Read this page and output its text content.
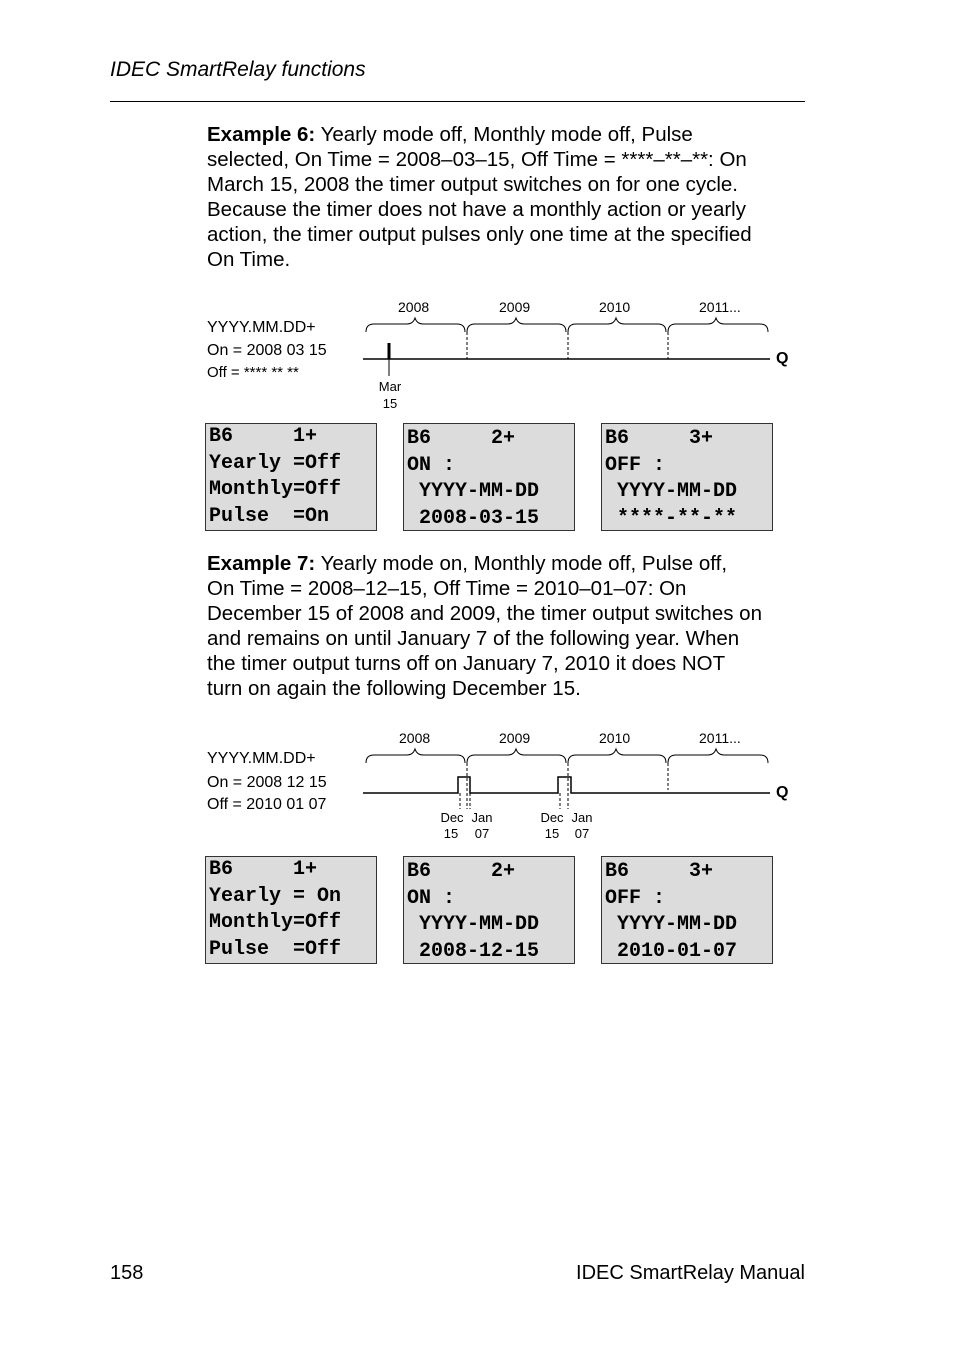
IDEC SmartRelay functions
Example 6: Yearly mode off, Monthly mode off, Pulse
selected, On Time = 2008–03–15, Off Time = ****–**–**: On
March 15, 2008 the timer output switches on for one cycle.
Because the timer does not have a monthly action or yearly
action, the timer output pulses only one time at the specified
On Time.
YYYY.MM.DD+
On = 2008 03 15
Off = **** ** **
2008	2009	2010	2011...
Q
Mar
15
B6     1+
Yearly =Off
Monthly=Off
Pulse  =On
B6     2+
ON :
YYYY-MM-DD
2008-03-15
B6     3+
OFF :
YYYY-MM-DD
****-**-**
Example 7: Yearly mode on, Monthly mode off, Pulse off,
On Time = 2008–12–15, Off Time = 2010–01–07: On
December 15 of 2008 and 2009, the timer output switches on
and remains on until January 7 of the following year. When
the timer output turns off on January 7, 2010 it does NOT
turn on again the following December 15.
YYYY.MM.DD+
On = 2008 12 15
Off = 2010 01 07
2008	2009	2010	2011...
Q
Dec Jan
15 07
Dec Jan
15 07
B6     1+
Yearly = On
Monthly=Off
Pulse  =Off
B6     2+
ON :
YYYY-MM-DD
2008-12-15
B6     3+
OFF :
YYYY-MM-DD
2010-01-07
158	IDEC SmartRelay Manual
